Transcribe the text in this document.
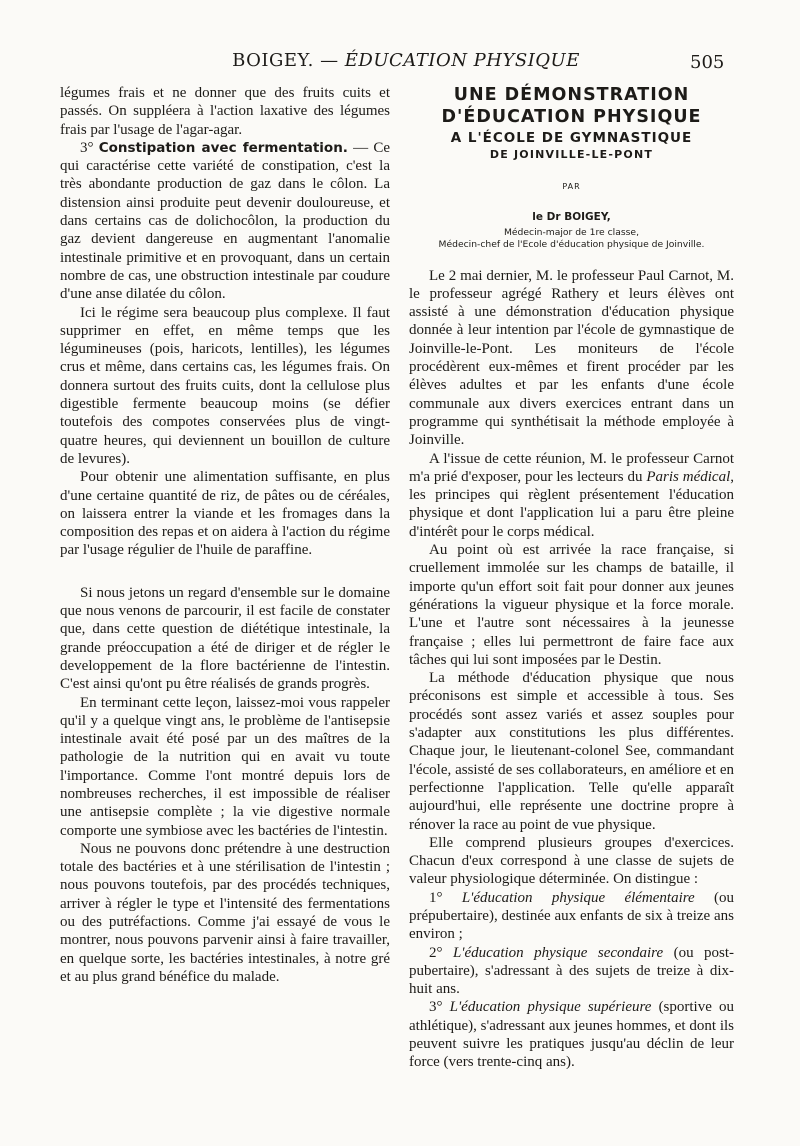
BOIGEY. — ÉDUCATION PHYSIQUE	505

légumes frais et ne donner que des fruits cuits et passés. On suppléera à l'action laxative des légumes frais par l'usage de l'agar-agar.

3° Constipation avec fermentation. — Ce qui caractérise cette variété de constipation, c'est la très abondante production de gaz dans le côlon. La distension ainsi produite peut devenir douloureuse, et dans certains cas de dolichocôlon, la production du gaz devient dangereuse en augmentant l'anomalie intestinale primitive et en provoquant, dans un certain nombre de cas, une obstruction intestinale par coudure d'une anse dilatée du côlon.

Ici le régime sera beaucoup plus complexe. Il faut supprimer en effet, en même temps que les légumineuses (pois, haricots, lentilles), les légumes crus et même, dans certains cas, les légumes frais. On donnera surtout des fruits cuits, dont la cellulose plus digestible fermente beaucoup moins (se défier toutefois des compotes conservées plus de vingt-quatre heures, qui deviennent un bouillon de culture de levures).

Pour obtenir une alimentation suffisante, en plus d'une certaine quantité de riz, de pâtes ou de céréales, on laissera entrer la viande et les fromages dans la composition des repas et on aidera à l'action du régime par l'usage régulier de l'huile de paraffine.

Si nous jetons un regard d'ensemble sur le domaine que nous venons de parcourir, il est facile de constater que, dans cette question de diététique intestinale, la grande préoccupation a été de diriger et de régler le developpement de la flore bactérienne de l'intestin. C'est ainsi qu'ont pu être réalisés de grands progrès.

En terminant cette leçon, laissez-moi vous rappeler qu'il y a quelque vingt ans, le problème de l'antisepsie intestinale avait été posé par un des maîtres de la pathologie de la nutrition qui en avait vu toute l'importance. Comme l'ont montré depuis lors de nombreuses recherches, il est impossible de réaliser une antisepsie complète ; la vie digestive normale comporte une symbiose avec les bactéries de l'intestin.

Nous ne pouvons donc prétendre à une destruction totale des bactéries et à une stérilisation de l'intestin ; nous pouvons toutefois, par des procédés techniques, arriver à régler le type et l'intensité des fermentations ou des putréfactions. Comme j'ai essayé de vous le montrer, nous pouvons parvenir ainsi à faire travailler, en quelque sorte, les bactéries intestinales, à notre gré et au plus grand bénéfice du malade.

UNE DÉMONSTRATION
D'ÉDUCATION PHYSIQUE
A L'ÉCOLE DE GYMNASTIQUE
DE JOINVILLE-LE-PONT
PAR
le Dr BOIGEY,
Médecin-major de 1re classe,
Médecin-chef de l'Ecole d'éducation physique de Joinville.

Le 2 mai dernier, M. le professeur Paul Carnot, M. le professeur agrégé Rathery et leurs élèves ont assisté à une démonstration d'éducation physique donnée à leur intention par l'école de gymnastique de Joinville-le-Pont. Les moniteurs de l'école procédèrent eux-mêmes et firent procéder par les élèves adultes et par les enfants d'une école communale aux divers exercices entrant dans un programme qui synthétisait la méthode employée à Joinville.

A l'issue de cette réunion, M. le professeur Carnot m'a prié d'exposer, pour les lecteurs du Paris médical, les principes qui règlent présentement l'éducation physique et dont l'application lui a paru être pleine d'intérêt pour le corps médical.

Au point où est arrivée la race française, si cruellement immolée sur les champs de bataille, il importe qu'un effort soit fait pour donner aux jeunes générations la vigueur physique et la force morale. L'une et l'autre sont nécessaires à la jeunesse française ; elles lui permettront de faire face aux tâches qui lui sont imposées par le Destin.

La méthode d'éducation physique que nous préconisons est simple et accessible à tous. Ses procédés sont assez variés et assez souples pour s'adapter aux constitutions les plus différentes. Chaque jour, le lieutenant-colonel See, commandant l'école, assisté de ses collaborateurs, en améliore et en perfectionne l'application. Telle qu'elle apparaît aujourd'hui, elle représente une doctrine propre à rénover la race au point de vue physique.

Elle comprend plusieurs groupes d'exercices. Chacun d'eux correspond à une classe de sujets de valeur physiologique déterminée. On distingue :

1° L'éducation physique élémentaire (ou prépubertaire), destinée aux enfants de six à treize ans environ ;

2° L'éducation physique secondaire (ou post-pubertaire), s'adressant à des sujets de treize à dix-huit ans.

3° L'éducation physique supérieure (sportive ou athlétique), s'adressant aux jeunes hommes, et dont ils peuvent suivre les pratiques jusqu'au déclin de leur force (vers trente-cinq ans).
